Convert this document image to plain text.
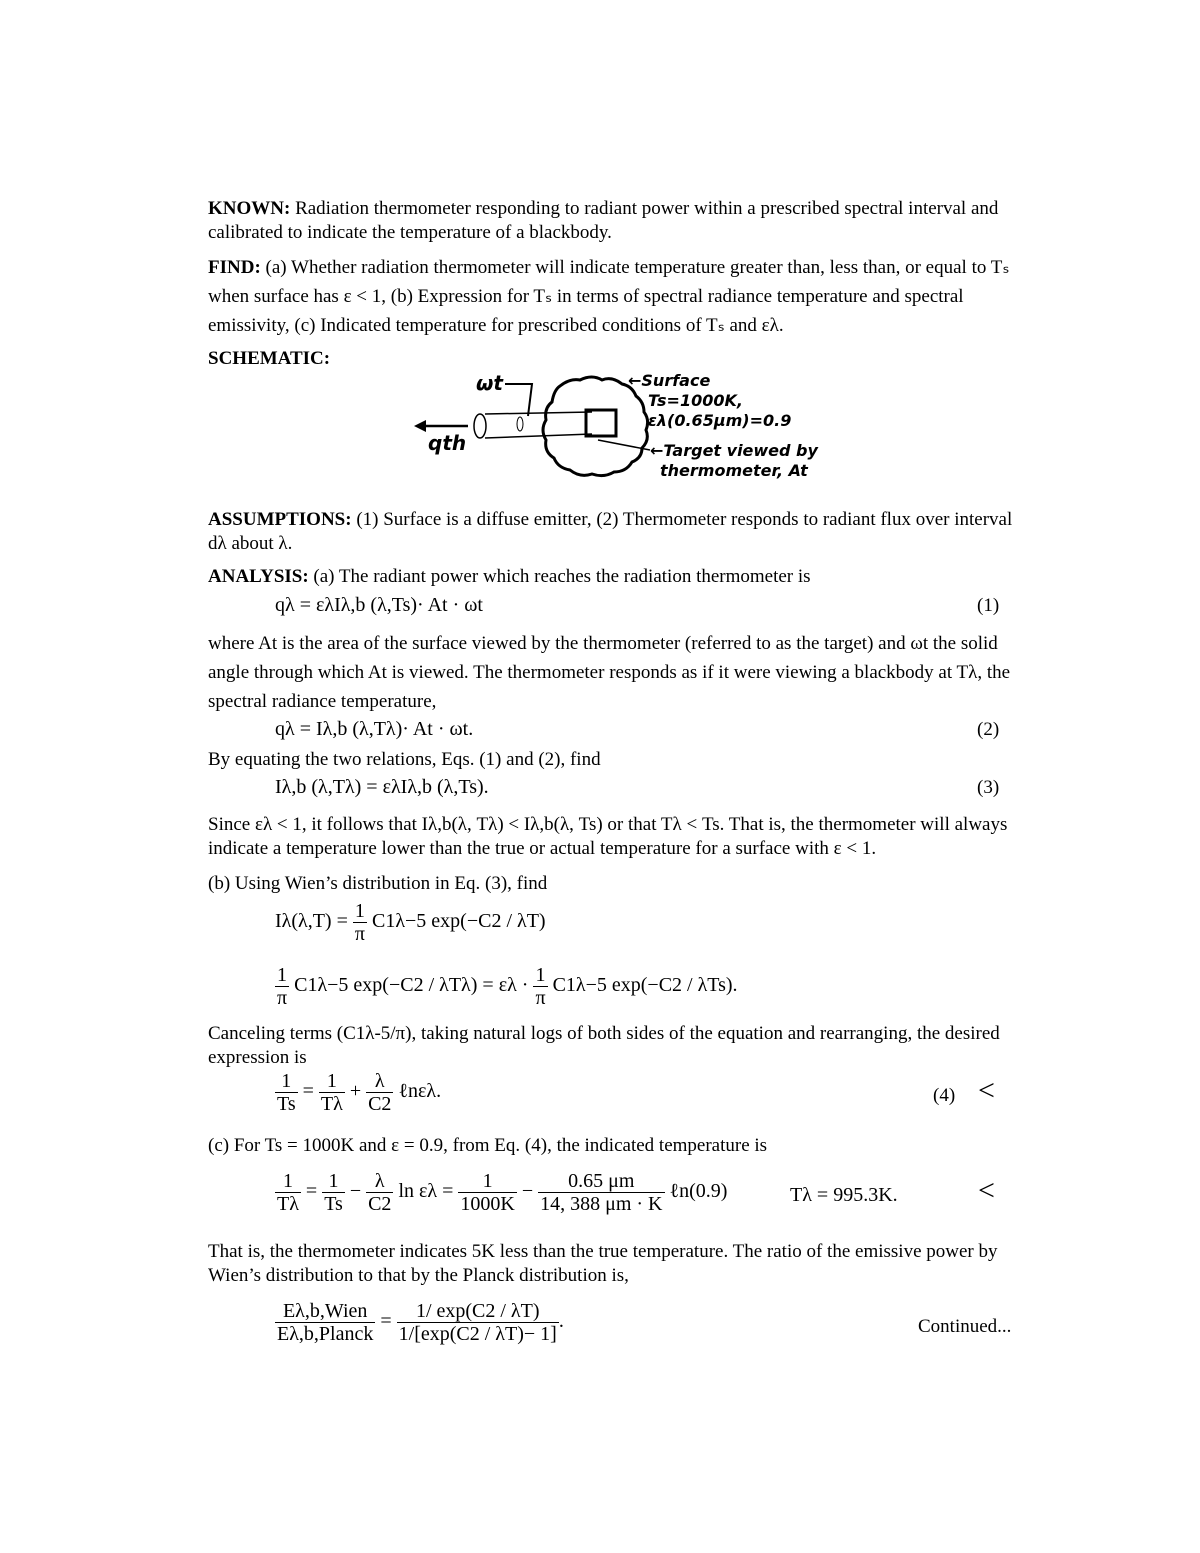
KNOWN: Radiation thermometer responding to radiant power within a prescribed spectral interval and calibrated to indicate the temperature of a blackbody.
FIND: (a) Whether radiation thermometer will indicate temperature greater than, less than, or equal to Tₛ when surface has ε < 1, (b) Expression for Tₛ in terms of spectral radiance temperature and spectral emissivity, (c) Indicated temperature for prescribed conditions of Tₛ and ελ.
SCHEMATIC:
ωt
qth
←Surface
Ts=1000K,
ελ(0.65μm)=0.9
←Target viewed by
thermometer, At
ASSUMPTIONS: (1) Surface is a diffuse emitter, (2) Thermometer responds to radiant flux over interval dλ about λ.
ANALYSIS: (a) The radiant power which reaches the radiation thermometer is
qλ = ελIλ,b (λ,Ts)· At · ωt	(1)
where At is the area of the surface viewed by the thermometer (referred to as the target) and ωt the solid angle through which At is viewed. The thermometer responds as if it were viewing a blackbody at Tλ, the spectral radiance temperature,
qλ = Iλ,b (λ,Tλ)· At · ωt.	(2)
By equating the two relations, Eqs. (1) and (2), find
Iλ,b (λ,Tλ) = ελIλ,b (λ,Ts).	(3)
Since ελ < 1, it follows that Iλ,b(λ, Tλ) < Iλ,b(λ, Ts) or that Tλ < Ts. That is, the thermometer will always indicate a temperature lower than the true or actual temperature for a surface with ε < 1.
(b) Using Wien’s distribution in Eq. (3), find
$I\lambda(\lambda,T) = \frac{1}{\pi} C1\lambda-5$ exp(−C2 / λT)
$\frac{1}{\pi} C1\lambda-5$ $\exp(-C2 / \lambda T\lambda) = \varepsilon\lambda \cdot \frac{1}{\pi} C1\lambda-5$ exp(−C2 / λTs).
Canceling terms (C1λ-5/π), taking natural logs of both sides of the equation and rearranging, the desired expression is
$\frac{1}{Ts} = \frac{1}{T\lambda} + \frac{\lambda}{C2}$ ℓnελ.	(4) <
(c) For Ts = 1000K and ε = 0.9, from Eq. (4), the indicated temperature is
$\frac{1}{T\lambda} = \frac{1}{Ts} - \frac{\lambda}{C2}$ $\ln \varepsilon\lambda = \frac{1}{1000K} - \frac{0.65 \mu m}{14, 388 \mu m \cdot K}$ ℓn(0.9)	Tλ = 995.3K.	<
That is, the thermometer indicates 5K less than the true temperature. The ratio of the emissive power by Wien’s distribution to that by the Planck distribution is,
$\frac{\text{Eλ,b,Wien}}{\text{Eλ,b,Planck}} = \frac{1/ \exp(C2 / \lambda T)}{1/[\exp(C2 / \lambda T)- 1]}$ .	Continued...
